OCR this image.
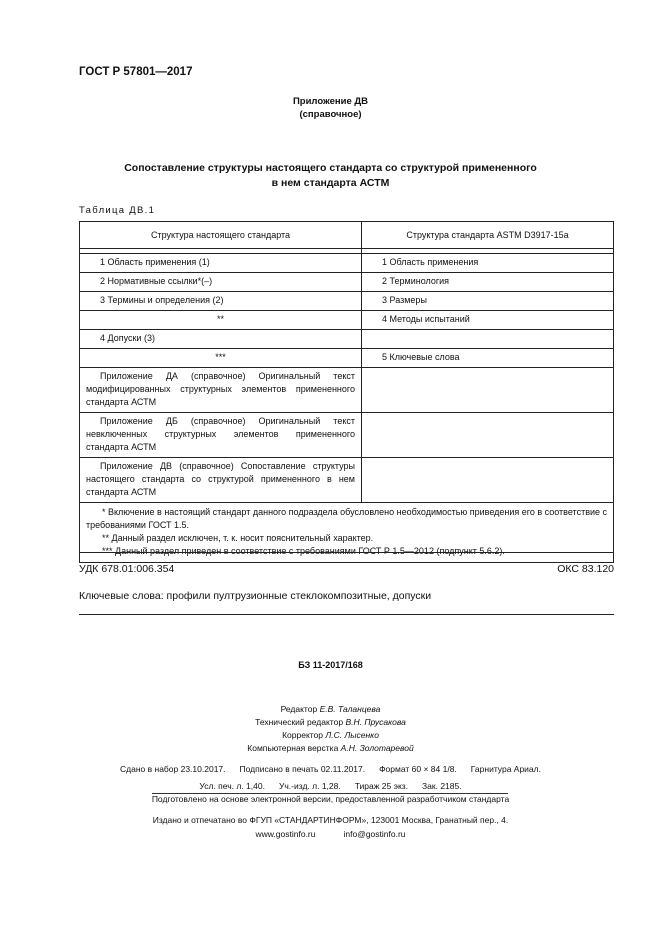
ГОСТ Р 57801—2017
Приложение ДВ
(справочное)
Сопоставление структуры настоящего стандарта со структурой примененного
в нем стандарта АСТМ
Таблица ДВ.1
Структура настоящего стандарта	Структура стандарта ASTM D3917-15a

1 Область применения (1)	1 Область применения
2 Нормативные ссылки*(–)	2 Терминология
3 Термины и определения (2)	3 Размеры
**	4 Методы испытаний
4 Допуски (3)	
***	5 Ключевые слова
Приложение ДА (справочное) Оригинальный текст модифицированных структурных элементов примененного стандарта АСТМ	
Приложение ДБ (справочное) Оригинальный текст невключенных структурных элементов примененного стандарта АСТМ	
Приложение ДВ (справочное) Сопоставление структуры настоящего стандарта со структурой примененного в нем стандарта АСТМ	

* Включение в настоящий стандарт данного подраздела обусловлено необходимостью приведения его в соответствие с требованиями ГОСТ 1.5.

** Данный раздел исключен, т. к. носит пояснительный характер.

*** Данный раздел приведен в соответствие с требованиями ГОСТ Р 1.5—2012 (подпункт 5.6.2).	

УДК 678.01:006.354	ОКС 83.120
Ключевые слова: профили пултрузионные стеклокомпозитные, допуски
БЗ 11-2017/168
Редактор Е.В. Таланцева
Технический редактор В.Н. Прусакова
Корректор Л.С. Лысенко
Компьютерная верстка А.Н. Золотаревой
Сдано в набор 23.10.2017. Подписано в печать 02.11.2017. Формат 60 × 84 1/8. Гарнитура Ариал.
Усл. печ. л. 1,40. Уч.-изд. л. 1,28. Тираж 25 экз. Зак. 2185.
Подготовлено на основе электронной версии, предоставленной разработчиком стандарта
Издано и отпечатано во ФГУП «СТАНДАРТИНФОРМ», 123001 Москва, Гранатный пер., 4.
www.gostinfo.ru	info@gostinfo.ru
